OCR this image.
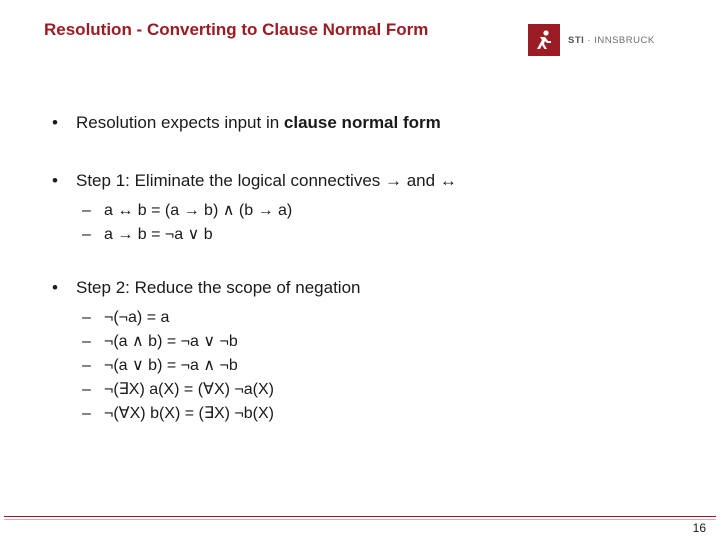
Resolution - Converting to Clause Normal Form
STI · INNSBRUCK
• Resolution expects input in clause normal form
• Step 1: Eliminate the logical connectives → and ↔
– a ↔ b = (a → b) ∧ (b → a)
– a → b = ¬a ∨ b
• Step 2: Reduce the scope of negation
– ¬(¬a) = a
– ¬(a ∧ b) = ¬a ∨ ¬b
– ¬(a ∨ b) = ¬a ∧ ¬b
– ¬(∃X) a(X) = (∀X) ¬a(X)
– ¬(∀X) b(X) = (∃X) ¬b(X)
16
